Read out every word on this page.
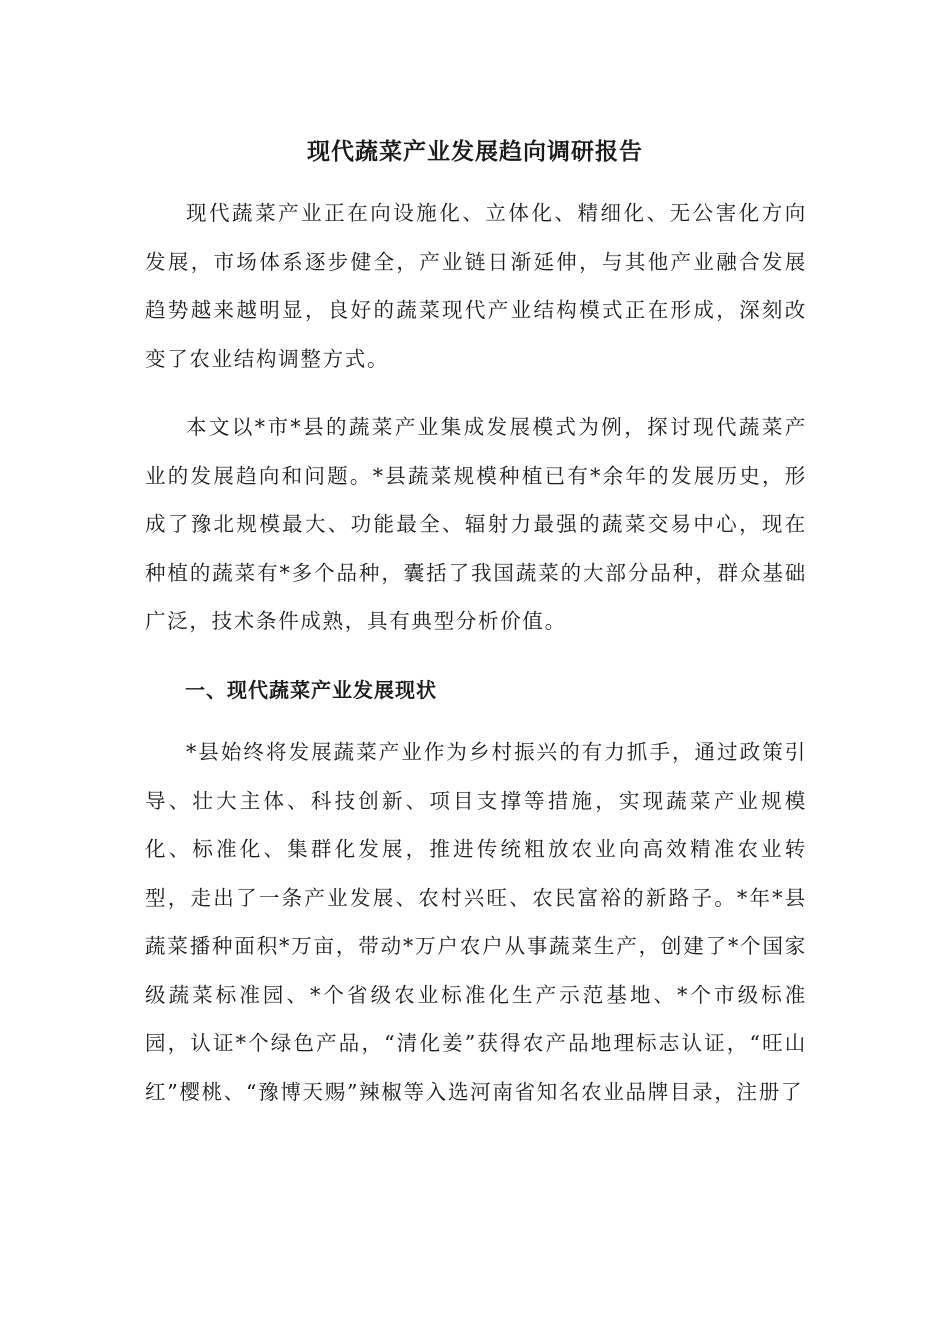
现代蔬菜产业发展趋向调研报告

现代蔬菜产业正在向设施化、立体化、精细化、无公害化方向发展，市场体系逐步健全，产业链日渐延伸，与其他产业融合发展趋势越来越明显，良好的蔬菜现代产业结构模式正在形成，深刻改变了农业结构调整方式。

本文以*市*县的蔬菜产业集成发展模式为例，探讨现代蔬菜产业的发展趋向和问题。*县蔬菜规模种植已有*余年的发展历史，形成了豫北规模最大、功能最全、辐射力最强的蔬菜交易中心，现在种植的蔬菜有*多个品种，囊括了我国蔬菜的大部分品种，群众基础广泛，技术条件成熟，具有典型分析价值。

一、现代蔬菜产业发展现状

*县始终将发展蔬菜产业作为乡村振兴的有力抓手，通过政策引导、壮大主体、科技创新、项目支撑等措施，实现蔬菜产业规模化、标准化、集群化发展，推进传统粗放农业向高效精准农业转型，走出了一条产业发展、农村兴旺、农民富裕的新路子。*年*县蔬菜播种面积*万亩，带动*万户农户从事蔬菜生产，创建了*个国家级蔬菜标准园、*个省级农业标准化生产示范基地、*个市级标准园，认证*个绿色产品，“清化姜”获得农产品地理标志认证，“旺山红”樱桃、“豫博天赐”辣椒等入选河南省知名农业品牌目录，注册了
